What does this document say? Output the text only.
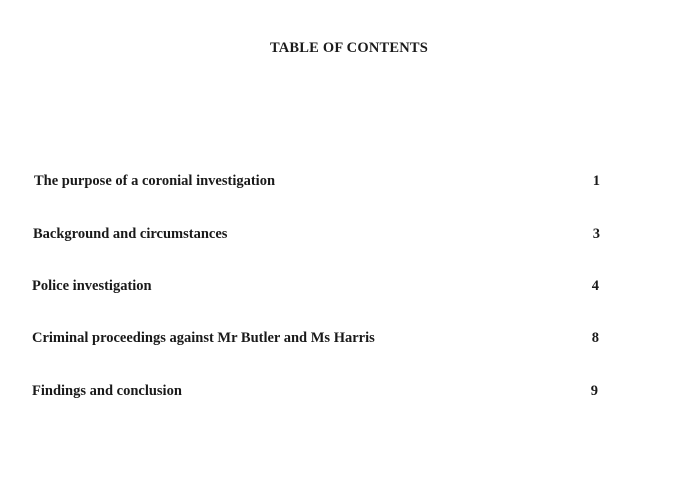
TABLE OF CONTENTS
The purpose of a coronial investigation	1
Background and circumstances	3
Police investigation	4
Criminal proceedings against Mr Butler and Ms Harris	8
Findings and conclusion	9
